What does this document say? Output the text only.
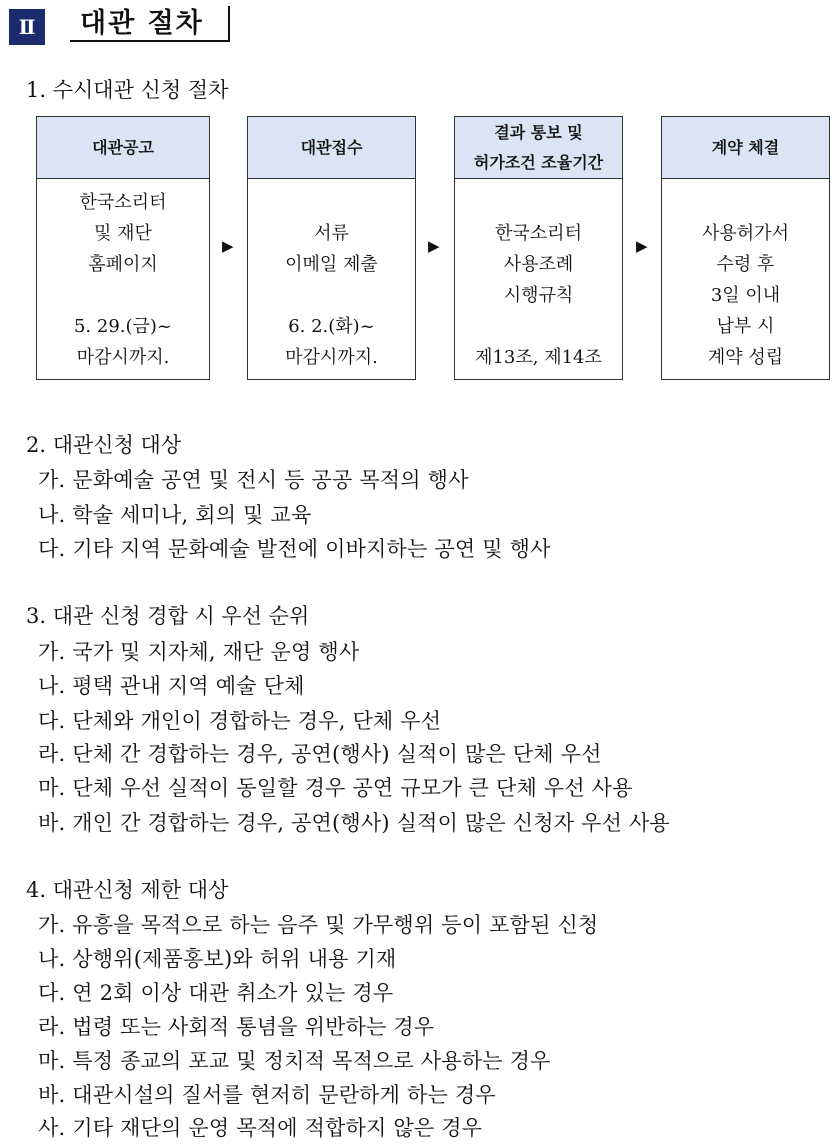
Ⅱ	대관 절차
1. 수시대관 신청 절차
대관공고
한국소리터
및 재단
홈페이지
5. 29.(금)~
마감시까지.
▶
대관접수
서류
이메일 제출
6. 2.(화)~
마감시까지.
▶
결과 통보 및
허가조건 조율기간
한국소리터
사용조례
시행규칙
제13조, 제14조
▶
계약 체결
사용허가서
수령 후
3일 이내
납부 시
계약 성립
2. 대관신청 대상
가. 문화예술 공연 및 전시 등 공공 목적의 행사
나. 학술 세미나, 회의 및 교육
다. 기타 지역 문화예술 발전에 이바지하는 공연 및 행사
3. 대관 신청 경합 시 우선 순위
가. 국가 및 지자체, 재단 운영 행사
나. 평택 관내 지역 예술 단체
다. 단체와 개인이 경합하는 경우, 단체 우선
라. 단체 간 경합하는 경우, 공연(행사) 실적이 많은 단체 우선
마. 단체 우선 실적이 동일할 경우 공연 규모가 큰 단체 우선 사용
바. 개인 간 경합하는 경우, 공연(행사) 실적이 많은 신청자 우선 사용
4. 대관신청 제한 대상
가. 유흥을 목적으로 하는 음주 및 가무행위 등이 포함된 신청
나. 상행위(제품홍보)와 허위 내용 기재
다. 연 2회 이상 대관 취소가 있는 경우
라. 법령 또는 사회적 통념을 위반하는 경우
마. 특정 종교의 포교 및 정치적 목적으로 사용하는 경우
바. 대관시설의 질서를 현저히 문란하게 하는 경우
사. 기타 재단의 운영 목적에 적합하지 않은 경우
